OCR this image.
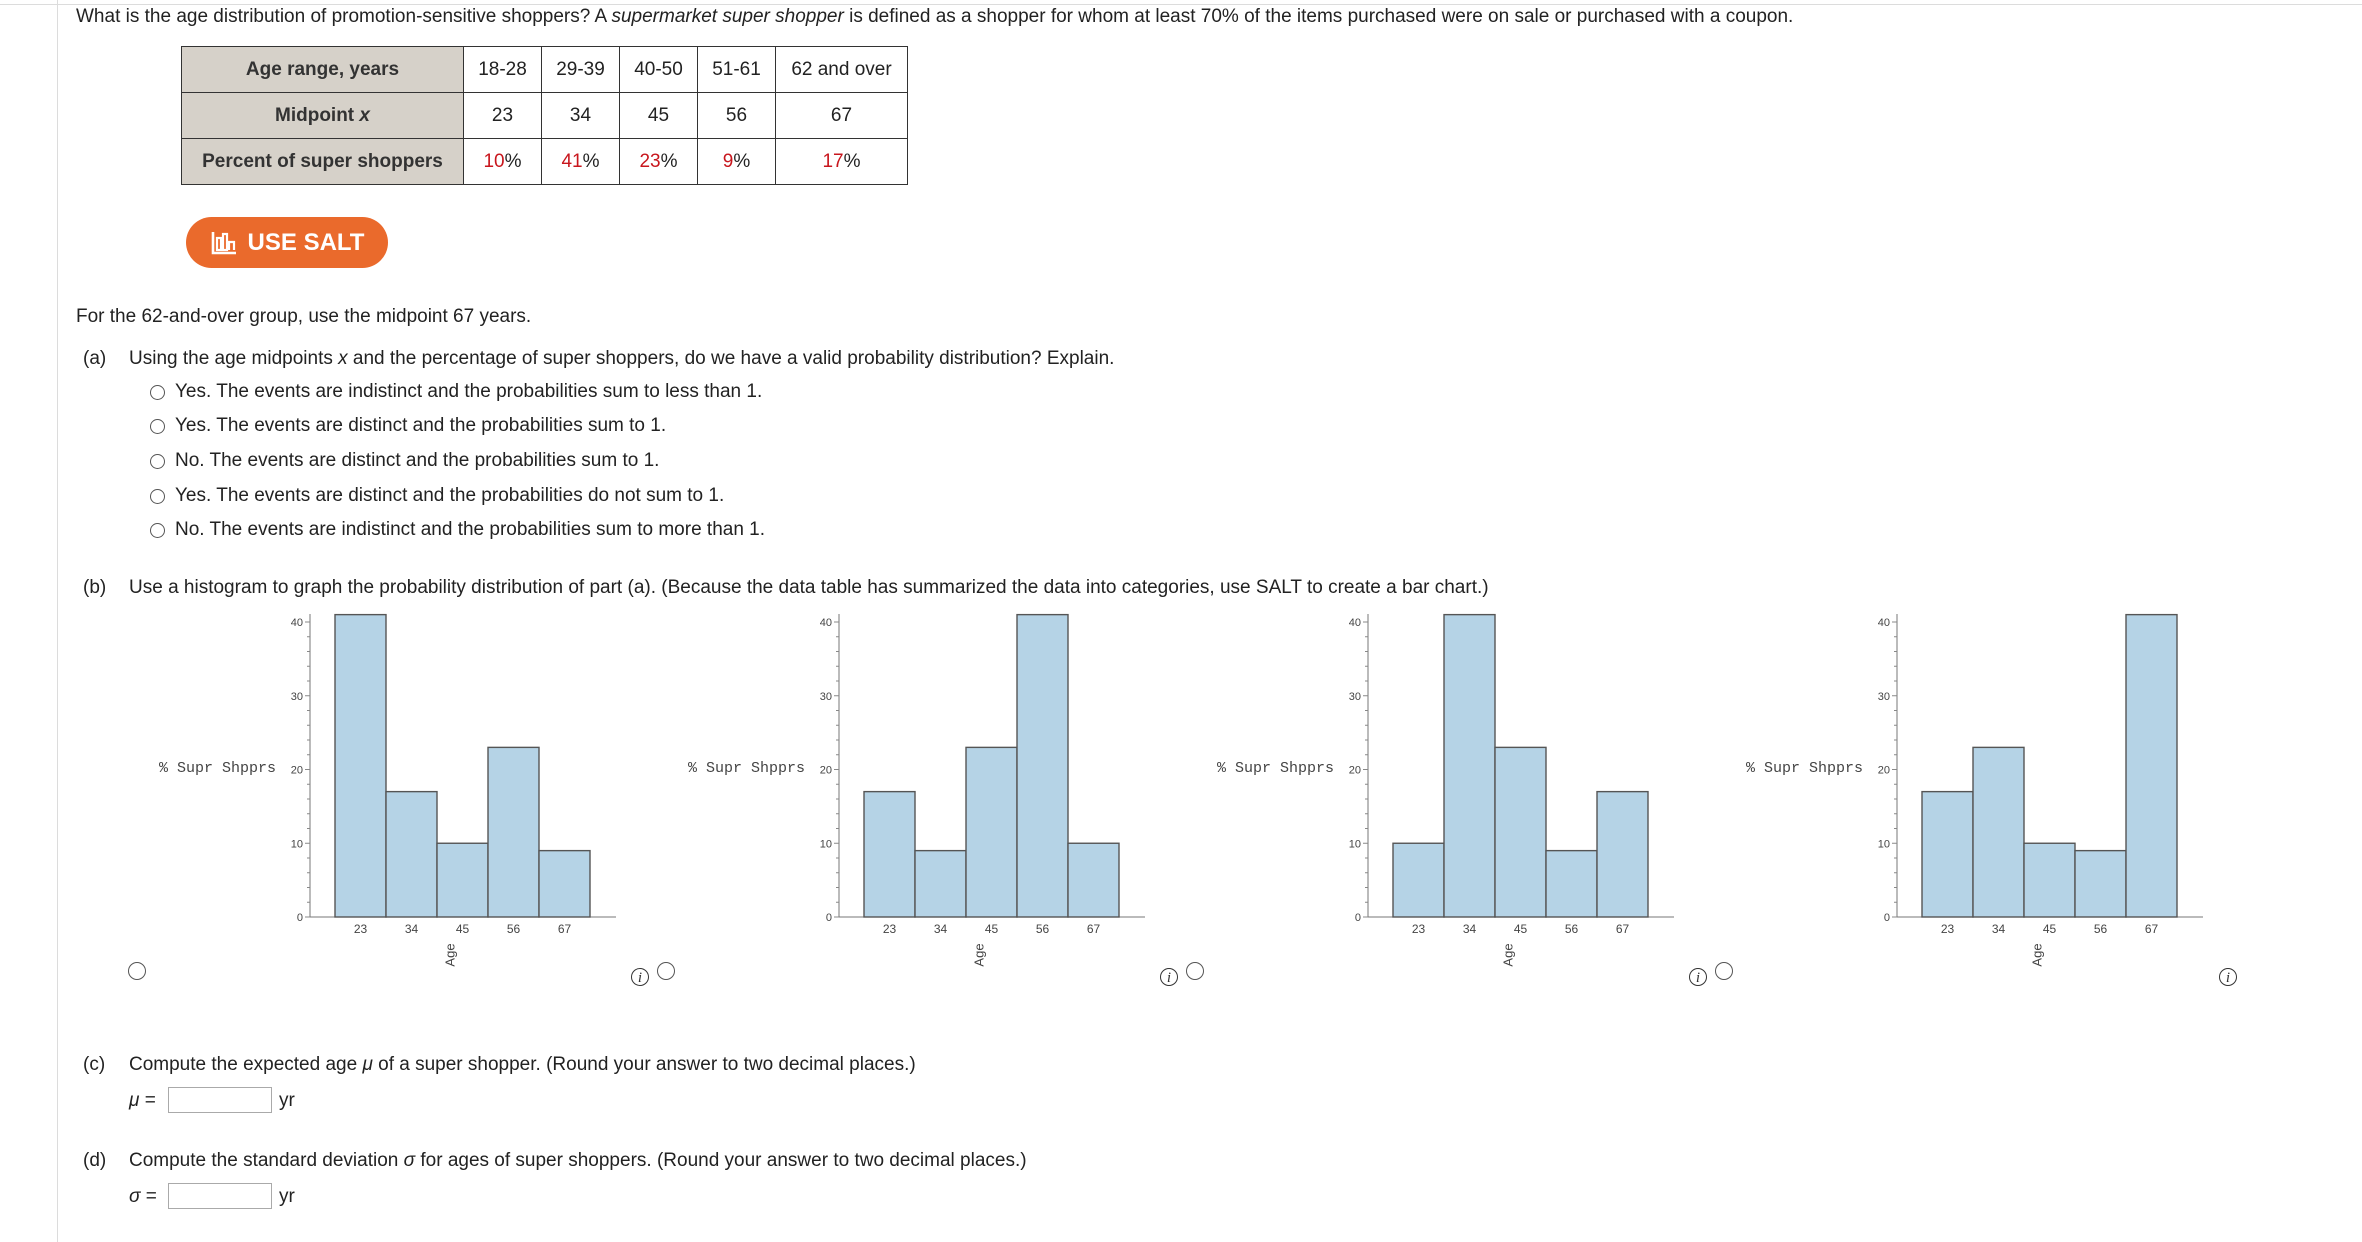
What is the age distribution of promotion-sensitive shoppers? A supermarket super shopper is defined as a shopper for whom at least 70% of the items purchased were on sale or purchased with a coupon.
Age range, years	18-28	29-39	40-50	51-61	62 and over
Midpoint x	23	34	45	56	67
Percent of super shoppers	10%	41%	23%	9%	17%
USE SALT
For the 62-and-over group, use the midpoint 67 years.
(a) Using the age midpoints x and the percentage of super shoppers, do we have a valid probability distribution? Explain.
Yes. The events are indistinct and the probabilities sum to less than 1.
Yes. The events are distinct and the probabilities sum to 1.
No. The events are distinct and the probabilities sum to 1.
Yes. The events are distinct and the probabilities do not sum to 1.
No. The events are indistinct and the probabilities sum to more than 1.
(b) Use a histogram to graph the probability distribution of part (a). (Because the data table has summarized the data into categories, use SALT to create a bar chart.)
0
10
20
30
40
23	34	45	56	67
Age
% Supr Shpprs
0
10
20
30
40
23	34	45	56	67
Age
% Supr Shpprs
0
10
20
30
40
23	34	45	56	67
Age
% Supr Shpprs
0
10
20
30
40
23	34	45	56	67
Age
% Supr Shpprs
i	i	i	i
(c) Compute the expected age μ of a super shopper. (Round your answer to two decimal places.)
μ =	yr
(d) Compute the standard deviation σ for ages of super shoppers. (Round your answer to two decimal places.)
σ =	yr
